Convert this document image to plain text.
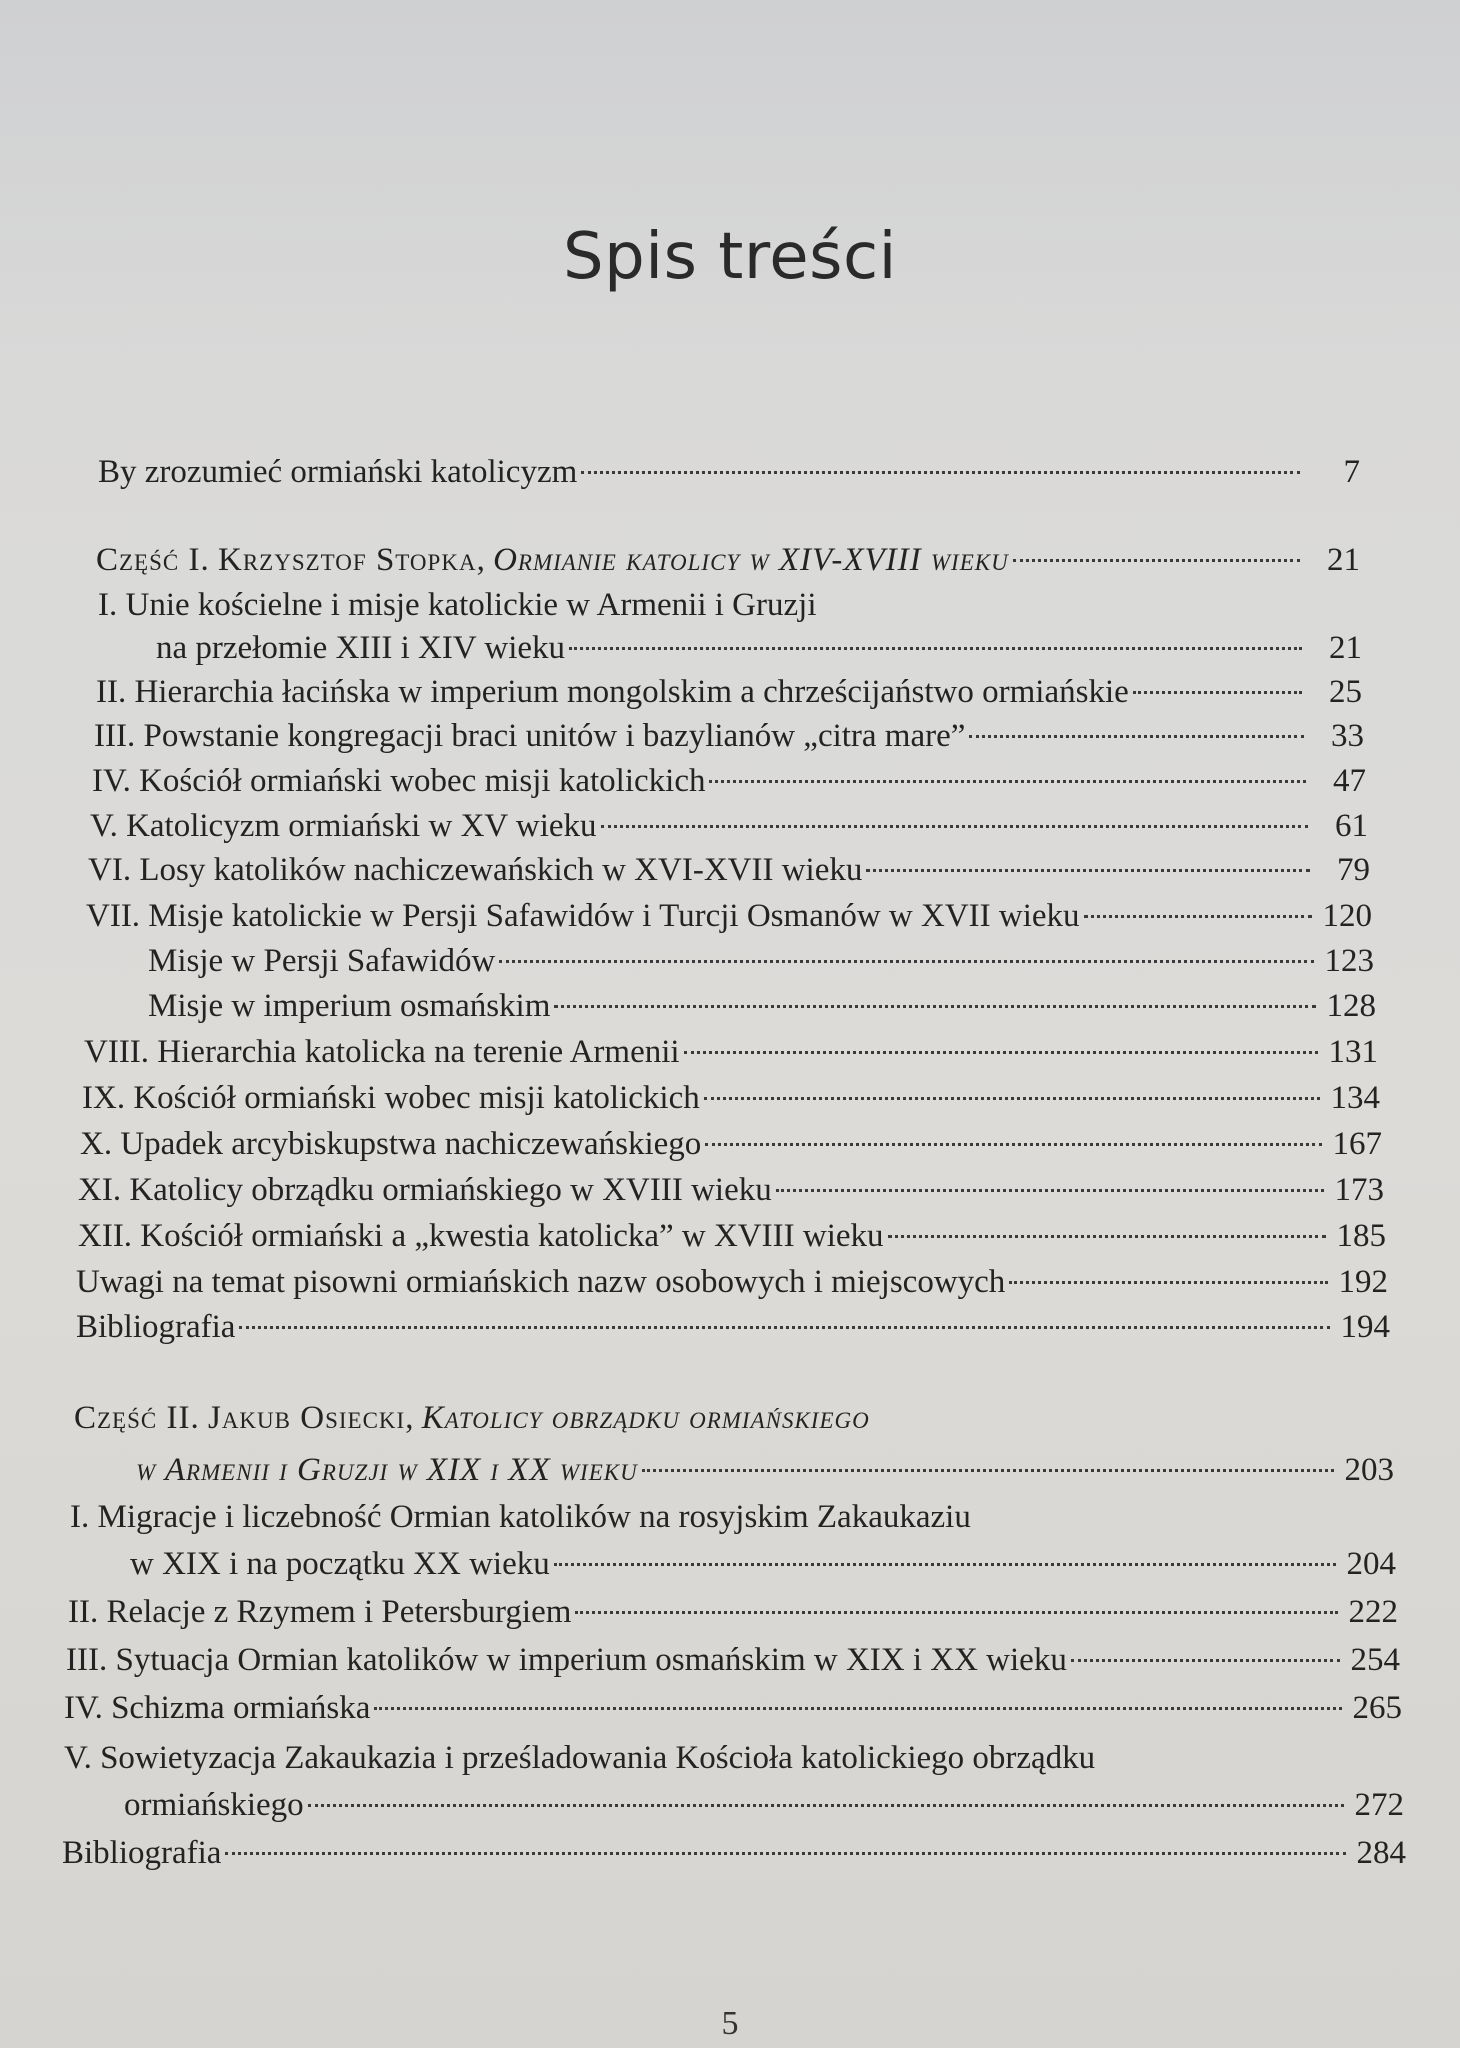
Spis treści
By zrozumieć ormiański katolicyzm	7
Część I. Krzysztof Stopka, Ormianie katolicy w XIV-XVIII wieku	21
I. Unie kościelne i misje katolickie w Armenii i Gruzji
na przełomie XIII i XIV wieku	21
II. Hierarchia łacińska w imperium mongolskim a chrześcijaństwo ormiańskie	25
III. Powstanie kongregacji braci unitów i bazylianów „citra mare”	33
IV. Kościół ormiański wobec misji katolickich	47
V. Katolicyzm ormiański w XV wieku	61
VI. Losy katolików nachiczewańskich w XVI-XVII wieku	79
VII. Misje katolickie w Persji Safawidów i Turcji Osmanów w XVII wieku	120
Misje w Persji Safawidów	123
Misje w imperium osmańskim	128
VIII. Hierarchia katolicka na terenie Armenii	131
IX. Kościół ormiański wobec misji katolickich	134
X. Upadek arcybiskupstwa nachiczewańskiego	167
XI. Katolicy obrządku ormiańskiego w XVIII wieku	173
XII. Kościół ormiański a „kwestia katolicka” w XVIII wieku	185
Uwagi na temat pisowni ormiańskich nazw osobowych i miejscowych	192
Bibliografia	194
Część II. Jakub Osiecki, Katolicy obrządku ormiańskiego
w Armenii i Gruzji w XIX i XX wieku	203
I. Migracje i liczebność Ormian katolików na rosyjskim Zakaukaziu
w XIX i na początku XX wieku	204
II. Relacje z Rzymem i Petersburgiem	222
III. Sytuacja Ormian katolików w imperium osmańskim w XIX i XX wieku	254
IV. Schizma ormiańska	265
V. Sowietyzacja Zakaukazia i prześladowania Kościoła katolickiego obrządku
ormiańskiego	272
Bibliografia	284
5
